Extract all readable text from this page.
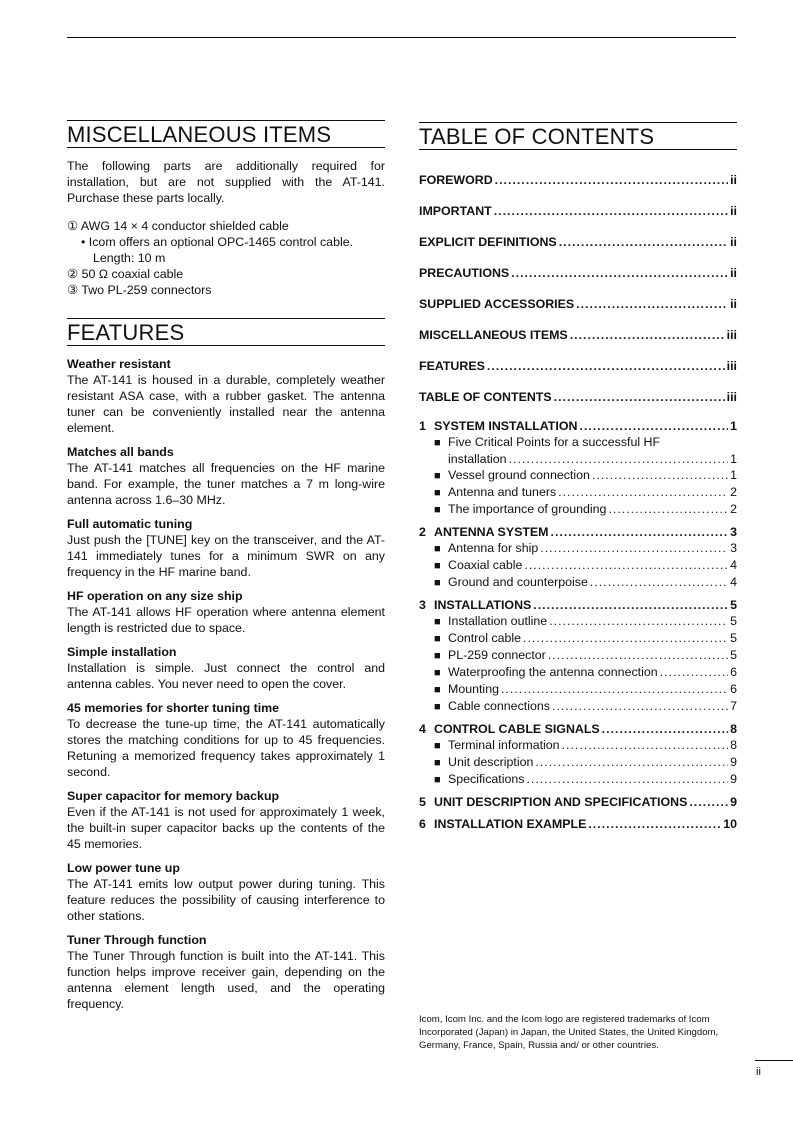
MISCELLANEOUS ITEMS

The following parts are additionally required for installation, but are not supplied with the AT-141. Purchase these parts locally.

① AWG 14 × 4 conductor shielded cable
• Icom offers an optional OPC-1465 control cable.
Length: 10 m
② 50 Ω coaxial cable
③ Two PL-259 connectors
FEATURES

Weather resistant

The AT-141 is housed in a durable, completely weather resistant ASA case, with a rubber gasket. The antenna tuner can be conveniently installed near the antenna element.

Matches all bands

The AT-141 matches all frequencies on the HF marine band. For example, the tuner matches a 7 m long-wire antenna across 1.6–30 MHz.

Full automatic tuning

Just push the [TUNE] key on the transceiver, and the AT-141 immediately tunes for a minimum SWR on any frequency in the HF marine band.

HF operation on any size ship

The AT-141 allows HF operation where antenna element length is restricted due to space.

Simple installation

Installation is simple. Just connect the control and antenna cables. You never need to open the cover.

45 memories for shorter tuning time

To decrease the tune-up time, the AT-141 automatically stores the matching conditions for up to 45 frequencies. Retuning a memorized frequency takes approximately 1 second.

Super capacitor for memory backup

Even if the AT-141 is not used for approximately 1 week, the built-in super capacitor backs up the contents of the 45 memories.

Low power tune up

The AT-141 emits low output power during tuning. This feature reduces the possibility of causing interference to other stations.

Tuner Through function

The Tuner Through function is built into the AT-141. This function helps improve receiver gain, depending on the antenna element length used, and the operating frequency.

TABLE OF CONTENTS
FOREWORD .....	ii
IMPORTANT .....	ii
EXPLICIT DEFINITIONS .....	ii
PRECAUTIONS .....	ii
SUPPLIED ACCESSORIES .....	ii
MISCELLANEOUS ITEMS .....	iii
FEATURES .....	iii
TABLE OF CONTENTS .....	iii
1 SYSTEM INSTALLATION .....	1
■ Five Critical Points for a successful HF
installation .....	1
■ Vessel ground connection .....	1
■ Antenna and tuners .....	2
■ The importance of grounding .....	2
2 ANTENNA SYSTEM .....	3
■ Antenna for ship .....	3
■ Coaxial cable .....	4
■ Ground and counterpoise .....	4
3 INSTALLATIONS .....	5
■ Installation outline .....	5
■ Control cable .....	5
■ PL-259 connector .....	5
■ Waterproofing the antenna connection .....	6
■ Mounting .....	6
■ Cable connections .....	7
4 CONTROL CABLE SIGNALS .....	8
■ Terminal information .....	8
■ Unit description .....	9
■ Specifications .....	9
5 UNIT DESCRIPTION AND SPECIFICATIONS .....	9
6 INSTALLATION EXAMPLE .....	10

Icom, Icom Inc. and the Icom logo are registered trademarks of Icom Incorporated (Japan) in Japan, the United States, the United Kingdom, Germany, France, Spain, Russia and/ or other countries.

ii
